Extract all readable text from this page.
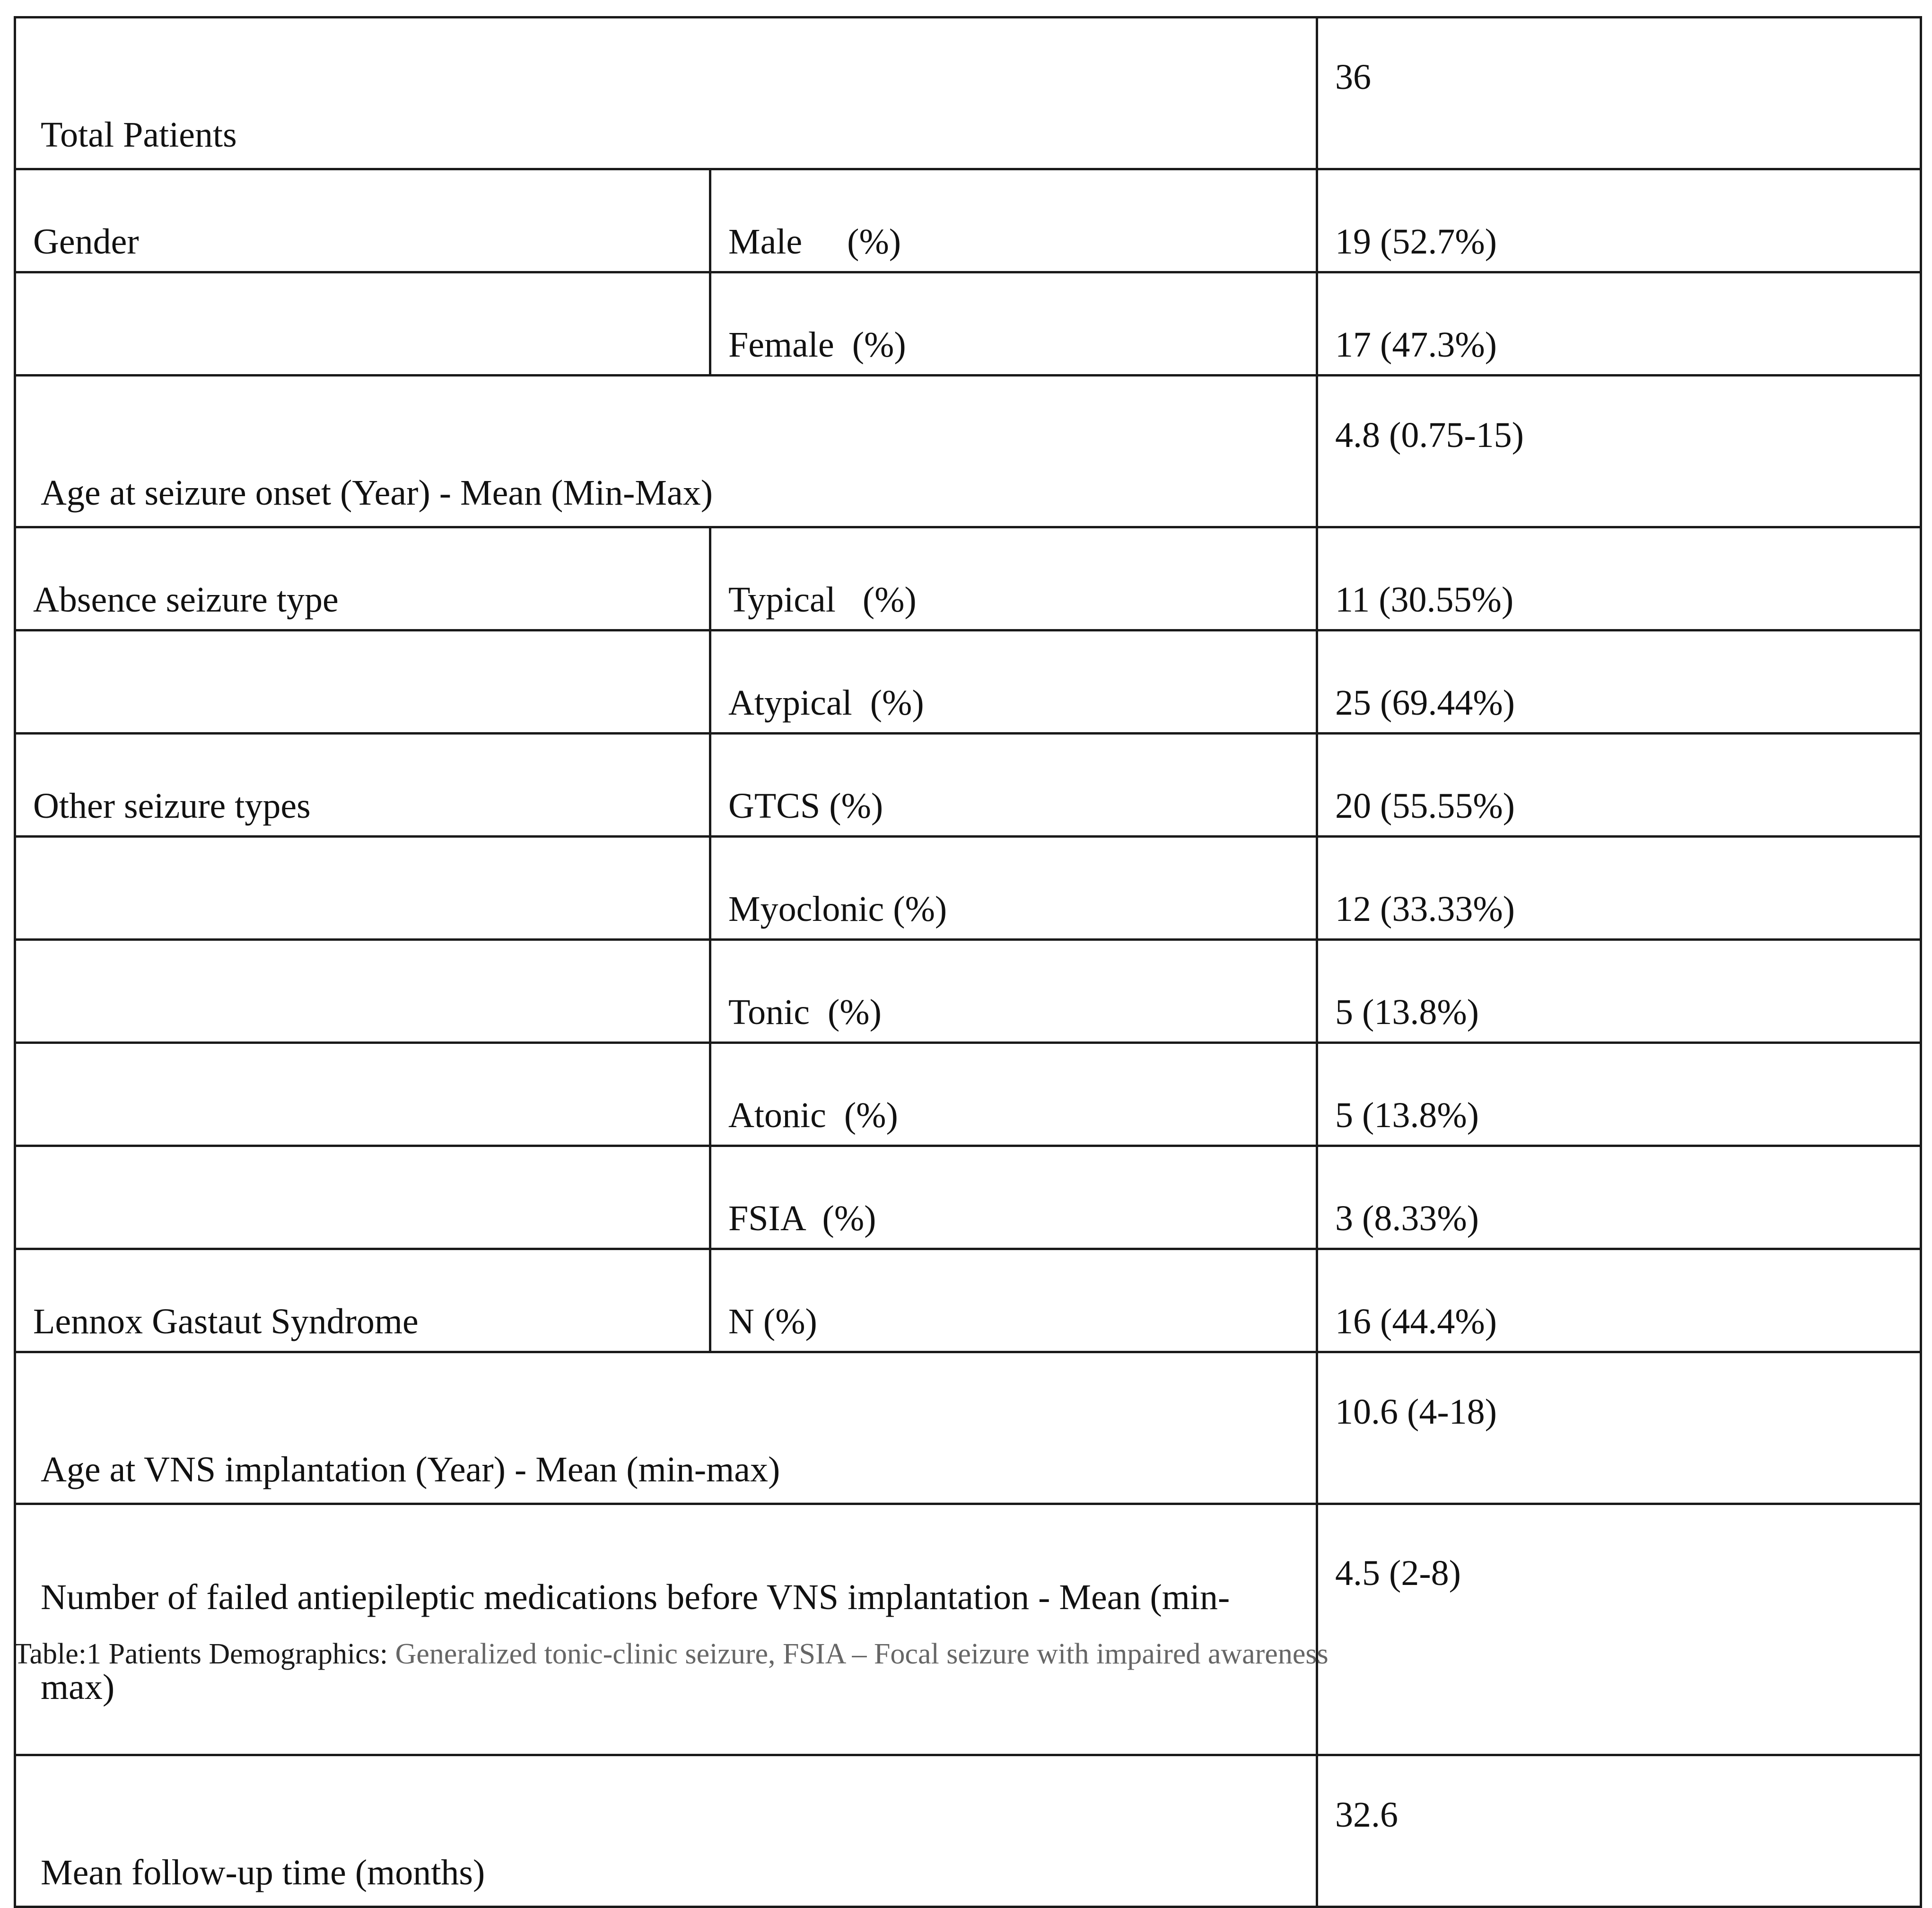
Total Patients		36
Gender	Male     (%)	19 (52.7%)
	Female  (%)	17 (47.3%)
Age at seizure onset (Year) - Mean (Min-Max)		4.8 (0.75-15)
Absence seizure type	Typical   (%)	11 (30.55%)
	Atypical  (%)	25 (69.44%)
Other seizure types	GTCS (%)	20 (55.55%)
	Myoclonic (%)	12 (33.33%)
	Tonic  (%)	5 (13.8%)
	Atonic  (%)	5 (13.8%)
	FSIA  (%)	3 (8.33%)
Lennox Gastaut Syndrome	N (%)	16 (44.4%)
Age at VNS implantation (Year) - Mean (min-max)		10.6 (4-18)
Number of failed antiepileptic medications before VNS implantation - Mean (min-max)		4.5 (2-8)
Mean follow-up time (months)		32.6
Table:1 Patients Demographics: Generalized tonic-clinic seizure, FSIA – Focal seizure with impaired awareness
